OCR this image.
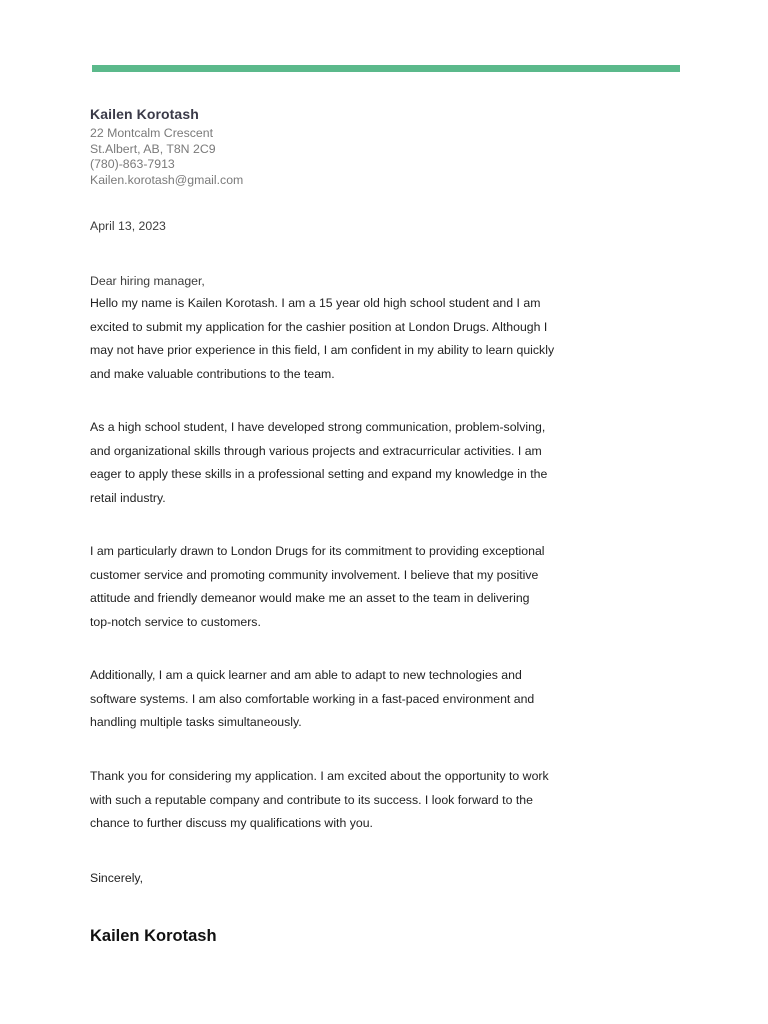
Kailen Korotash
22 Montcalm Crescent
St.Albert, AB, T8N 2C9
(780)-863-7913
Kailen.korotash@gmail.com
April 13, 2023
Dear hiring manager,
Hello my name is Kailen Korotash. I am a 15 year old high school student and I am
excited to submit my application for the cashier position at London Drugs. Although I
may not have prior experience in this field, I am confident in my ability to learn quickly
and make valuable contributions to the team.
As a high school student, I have developed strong communication, problem-solving,
and organizational skills through various projects and extracurricular activities. I am
eager to apply these skills in a professional setting and expand my knowledge in the
retail industry.
I am particularly drawn to London Drugs for its commitment to providing exceptional
customer service and promoting community involvement. I believe that my positive
attitude and friendly demeanor would make me an asset to the team in delivering
top-notch service to customers.
Additionally, I am a quick learner and am able to adapt to new technologies and
software systems. I am also comfortable working in a fast-paced environment and
handling multiple tasks simultaneously.
Thank you for considering my application. I am excited about the opportunity to work
with such a reputable company and contribute to its success. I look forward to the
chance to further discuss my qualifications with you.
Sincerely,
Kailen Korotash
